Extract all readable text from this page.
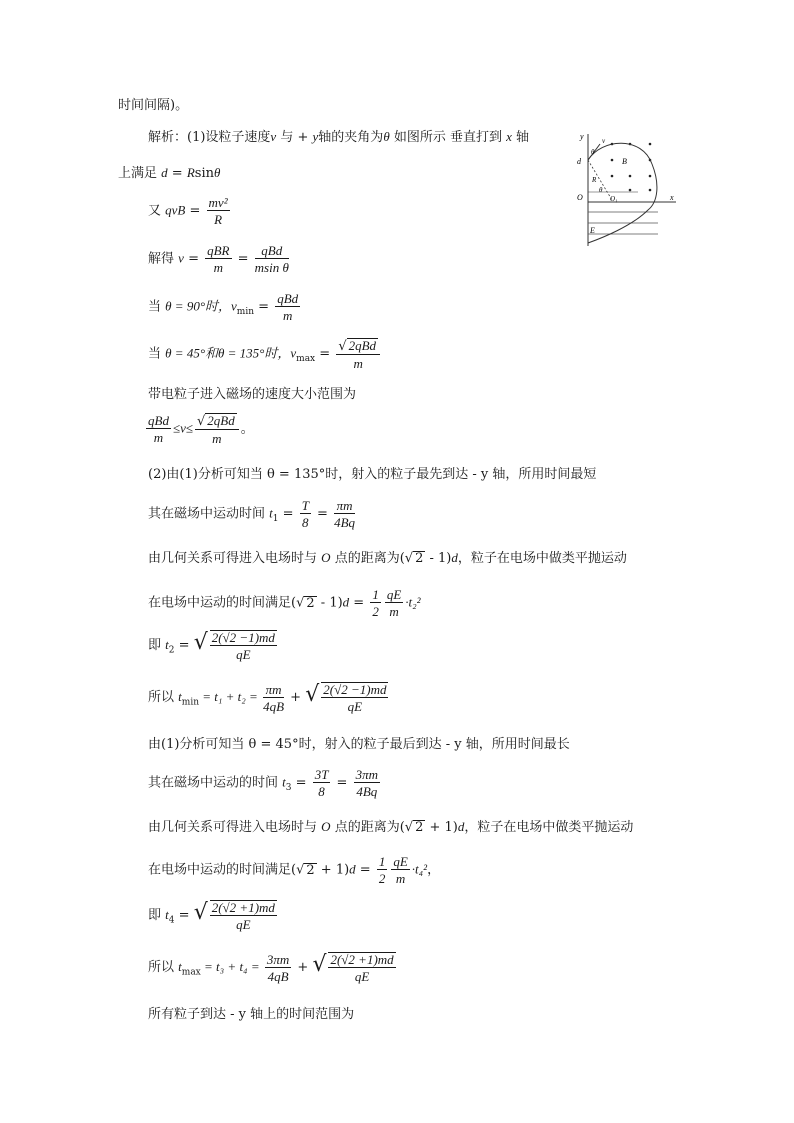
时间间隔)。
解析：(1)设粒子速度v 与 + y轴的夹角为θ 如图所示 垂直打到 x 轴
上满足 d = Rsinθ
又 qvB = $\frac{\text{mv²}}{R}$
解得 $v = \frac{\text{qBR}}{m} = \frac{\text{qBd}}{\text{msin θ}}$
当 θ = 90°时，$v_{min} = \frac{\text{qBd}}{m}$
当 θ = 45°和θ = 135°时，$v_{max} = \frac{\text{√ 2qBd}}{m}$
带电粒子进入磁场的速度大小范围为
$\frac{\text{qBd}}{m} \le v\le \frac{\text{√ 2qBd}}{m}$ 。
(2)由(1)分析可知当 θ = 135°时，射入的粒子最先到达 - y 轴，所用时间最短
其在磁场中运动时间 $t_1 = \frac{T}{8} = \frac{\pi m}{4Bq}$
由几何关系可得进入电场时与 O 点的距离为(√ 2 - 1)d，粒子在电场中做类平抛运动
在电场中运动的时间满足(√ $2 - 1)d = \frac{1}{2} \frac{qE}{m} \cdot t_2^2$
即 $t_2$ = √ $\frac{2(√2 -1)md}{qE}$
所以 $t_{min} = t_1 + t_2 = \frac{\pi m}{4qB}$ + √ $\frac{2(√2 -1)md}{qE}$
由(1)分析可知当 θ = 45°时，射入的粒子最后到达 - y 轴，所用时间最长
其在磁场中运动的时间 $t_3 = \frac{3T}{8} = \frac{3\pi m}{4Bq}$
由几何关系可得进入电场时与 O 点的距离为(√ 2 + 1)d，粒子在电场中做类平抛运动
在电场中运动的时间满足(√ $2 + 1)d = \frac{1}{2} \frac{qE}{m} \cdot t_4^2$，
即 $t_4$ = √ $\frac{2(√2 +1)md}{qE}$
所以 $t_{max} = t_3 + t_4 = \frac{3\pi m}{4qB}$ + √ $\frac{2(√2 +1)md}{qE}$
所有粒子到达 - y 轴上的时间范围为
y	v
d
θ
B
R
θ
O	O₁	x
E
